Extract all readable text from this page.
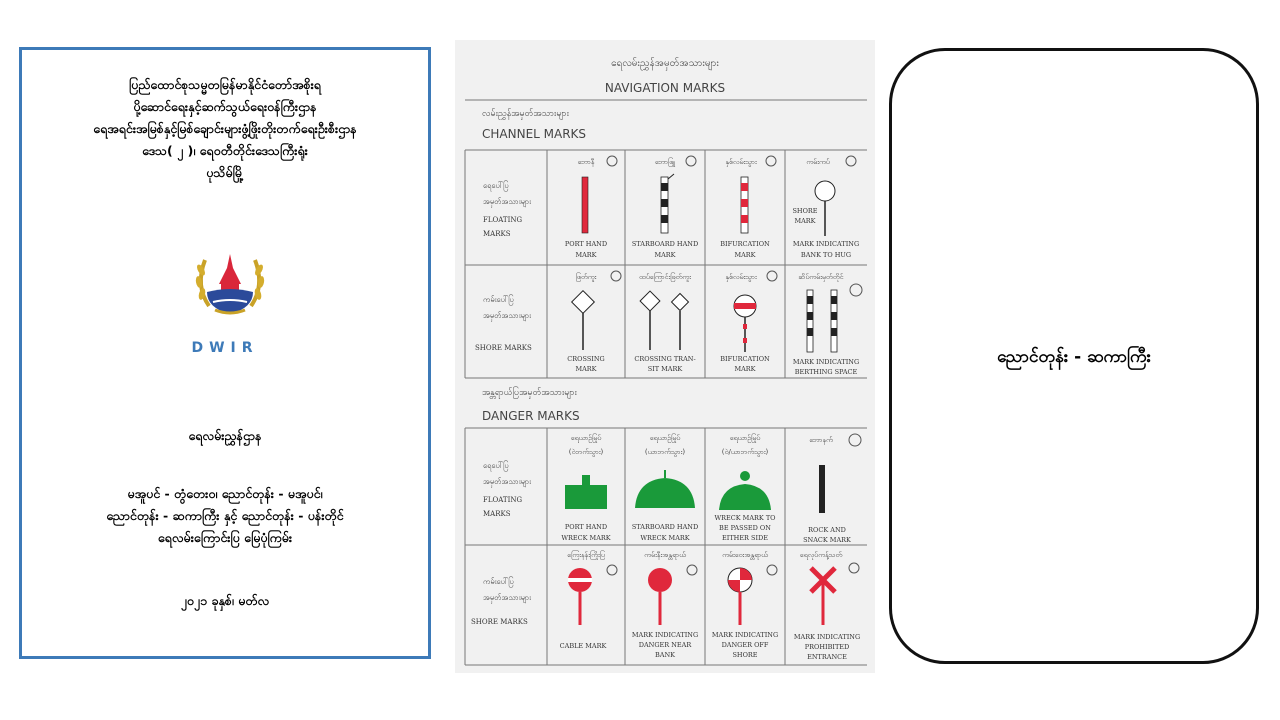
ပြည်ထောင်စုသမ္မတမြန်မာနိုင်ငံတော်အစိုးရ
ပို့ဆောင်ရေးနှင့်ဆက်သွယ်ရေးဝန်ကြီးဌာန
ရေအရင်းအမြစ်နှင့်မြစ်ချောင်းများဖွံ့ဖြိုးတိုးတက်ရေးဦးစီးဌာန
ဒေသ( ၂ )၊ ရေဝတီတိုင်းဒေသကြီးရုံး
ပုသိမ်မြို့
DWIR
ရေလမ်းညွှန်ဌာန
မအူပင် - တွံတေး၀၊ ညောင်တုန်း - မအူပင်၊
ညောင်တုန်း - ဆကာကြီး နှင့် ညောင်တုန်း - ပန်းတိုင်
ရေလမ်းကြောင်းပြ မြေပုံကြမ်း
၂၀၂၁ ခုနှစ်၊ မတ်လ
ရေလမ်းညွှန်အမှတ်အသားများ
NAVIGATION MARKS
လမ်းညွှန်အမှတ်အသားများ
CHANNEL MARKS
ရေပေါ်ပြ
အမှတ်အသားများ
FLOATING
MARKS
ကမ်းပေါ်ပြ
အမှတ်အသားများ
SHORE MARKS
ဘောနီ
PORT HAND
MARK
ဘောဖြူ
STARBOARD HAND
MARK
နှစ်လမ်းသွား
BIFURCATION
MARK
ကမ်းကပ်
SHORE
MARK
MARK INDICATING
BANK TO HUG
ဖြတ်ကူး
CROSSING
MARK
ထပ်ကြောင်းဖြတ်ကူး
CROSSING TRAN-
SIT MARK
နှစ်လမ်းသွား
BIFURCATION
MARK
ဆိပ်ကမ်းမှတ်တိုင်
MARK INDICATING
BERTHING SPACE
အန္တရာယ်ပြအမှတ်အသားများ
DANGER MARKS
ရေပေါ်ပြ
အမှတ်အသားများ
FLOATING
MARKS
ကမ်းပေါ်ပြ
အမှတ်အသားများ
SHORE MARKS
ရေယာဉ်မြုပ်
(ဝဲဘက်သွား)
PORT HAND
WRECK MARK
ရေယာဉ်မြုပ်
(ယာဘက်သွား)
STARBOARD HAND
WRECK MARK
ရေယာဉ်မြုပ်
(ဝဲ/ယာဘက်သွား)
WRECK MARK TO
BE PASSED ON
EITHER SIDE
ဘောနက်
ROCK AND
SNACK MARK
ကြေးနန်းကြိုးပြ
CABLE MARK
ကမ်းနီးအန္တရာယ်
MARK INDICATING
DANGER NEAR
BANK
ကမ်းဝေးအန္တရာယ်
MARK INDICATING
DANGER OFF
SHORE
ရေလုပ်ကန့်သတ်
MARK INDICATING
PROHIBITED
ENTRANCE
ညောင်တုန်း - ဆကာကြီး
